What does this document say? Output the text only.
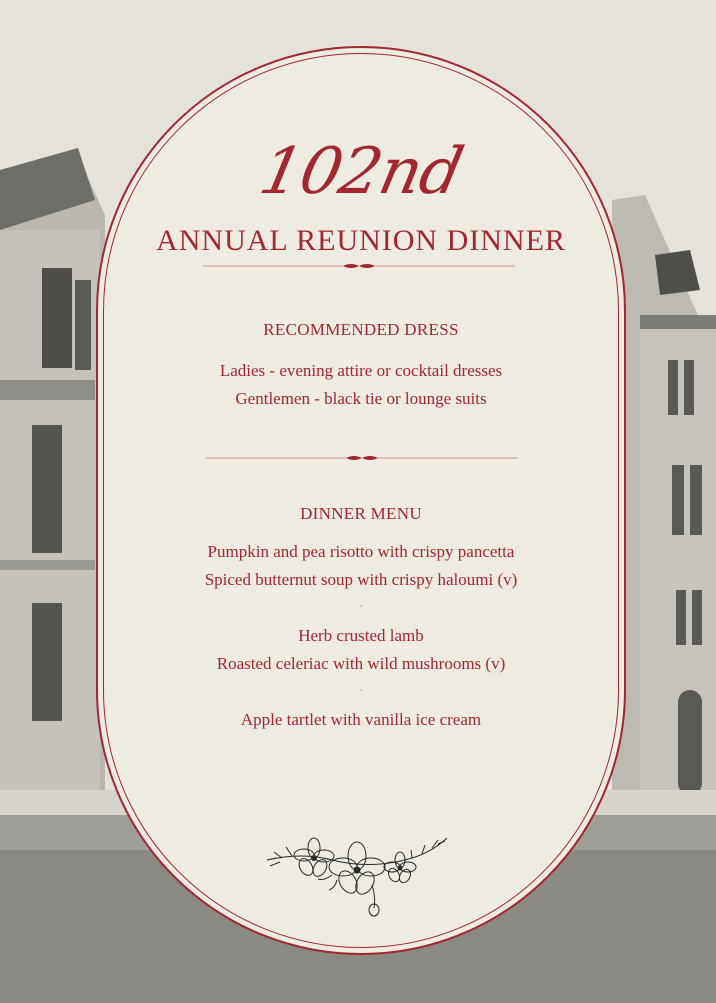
102nd
ANNUAL REUNION DINNER
RECOMMENDED DRESS
Ladies - evening attire or cocktail dresses
Gentlemen - black tie or lounge suits
DINNER MENU
Pumpkin and pea risotto with crispy pancetta
Spiced butternut soup with crispy haloumi (v)
-
Herb crusted lamb
Roasted celeriac with wild mushrooms (v)
-
Apple tartlet with vanilla ice cream
